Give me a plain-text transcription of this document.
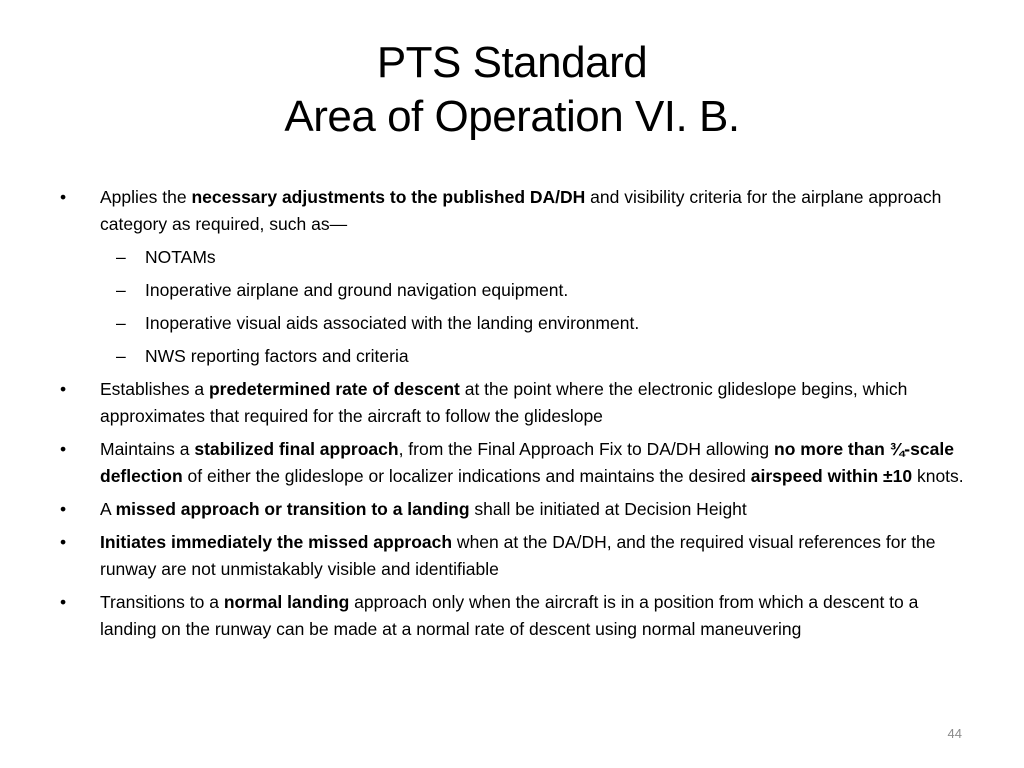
PTS Standard
Area of Operation VI. B.
• Applies the necessary adjustments to the published DA/DH and visibility criteria for the airplane approach category as required, such as—
– NOTAMs
– Inoperative airplane and ground navigation equipment.
– Inoperative visual aids associated with the landing environment.
– NWS reporting factors and criteria
• Establishes a predetermined rate of descent at the point where the electronic glideslope begins, which approximates that required for the aircraft to follow the glideslope
• Maintains a stabilized final approach, from the Final Approach Fix to DA/DH allowing no more than ¾-scale deflection of either the glideslope or localizer indications and maintains the desired airspeed within ±10 knots.
• A missed approach or transition to a landing shall be initiated at Decision Height
• Initiates immediately the missed approach when at the DA/DH, and the required visual references for the runway are not unmistakably visible and identifiable
• Transitions to a normal landing approach only when the aircraft is in a position from which a descent to a landing on the runway can be made at a normal rate of descent using normal maneuvering
44
